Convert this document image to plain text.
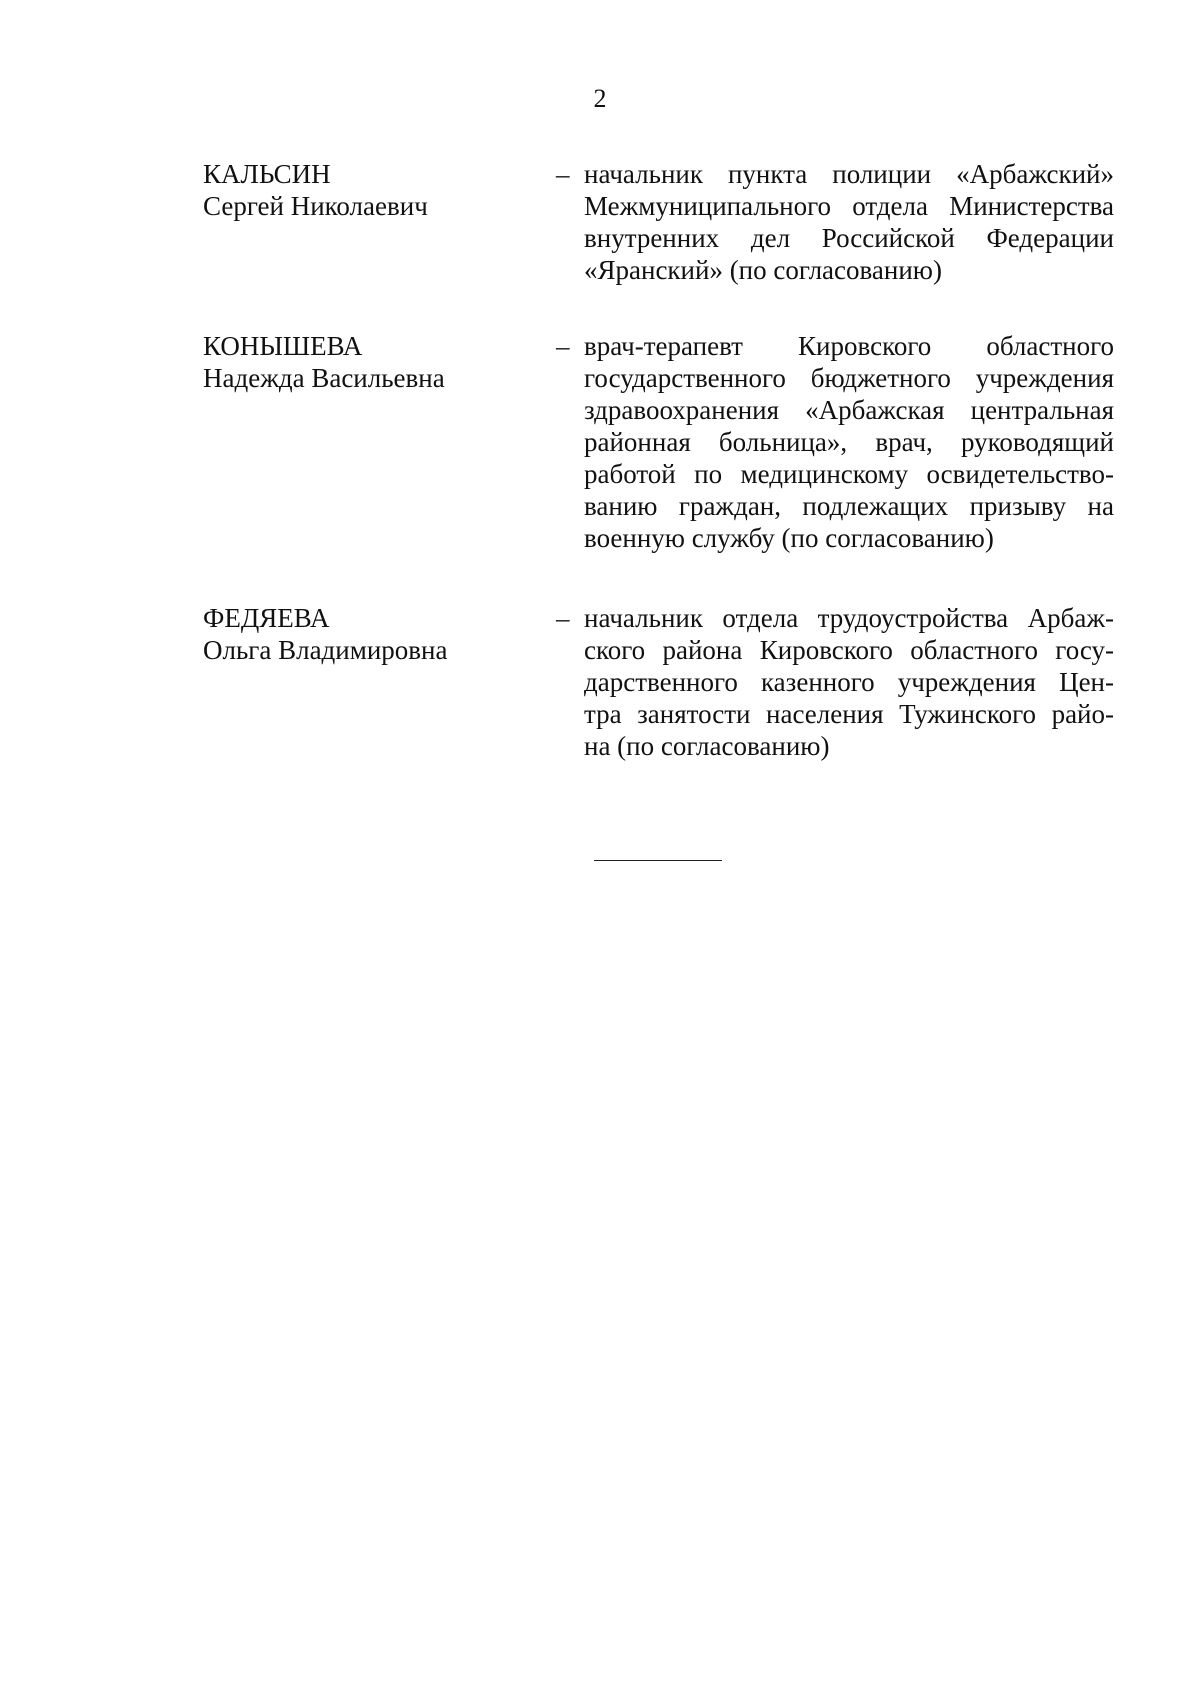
2
КАЛЬСИН
Сергей Николаевич
– начальник пункта полиции «Арбажский»
Межмуниципального отдела Министерства
внутренних дел Российской Федерации
«Яранский» (по согласованию)
КОНЫШЕВА
Надежда Васильевна
– врач-терапевт Кировского областного
государственного бюджетного учреждения
здравоохранения «Арбажская центральная
районная больница», врач, руководящий
работой по медицинскому освидетельство-
ванию граждан, подлежащих призыву на
военную службу (по согласованию)
ФЕДЯЕВА
Ольга Владимировна
– начальник отдела трудоустройства Арбаж-
ского района Кировского областного госу-
дарственного казенного учреждения Цен-
тра занятости населения Тужинского райо-
на (по согласованию)
